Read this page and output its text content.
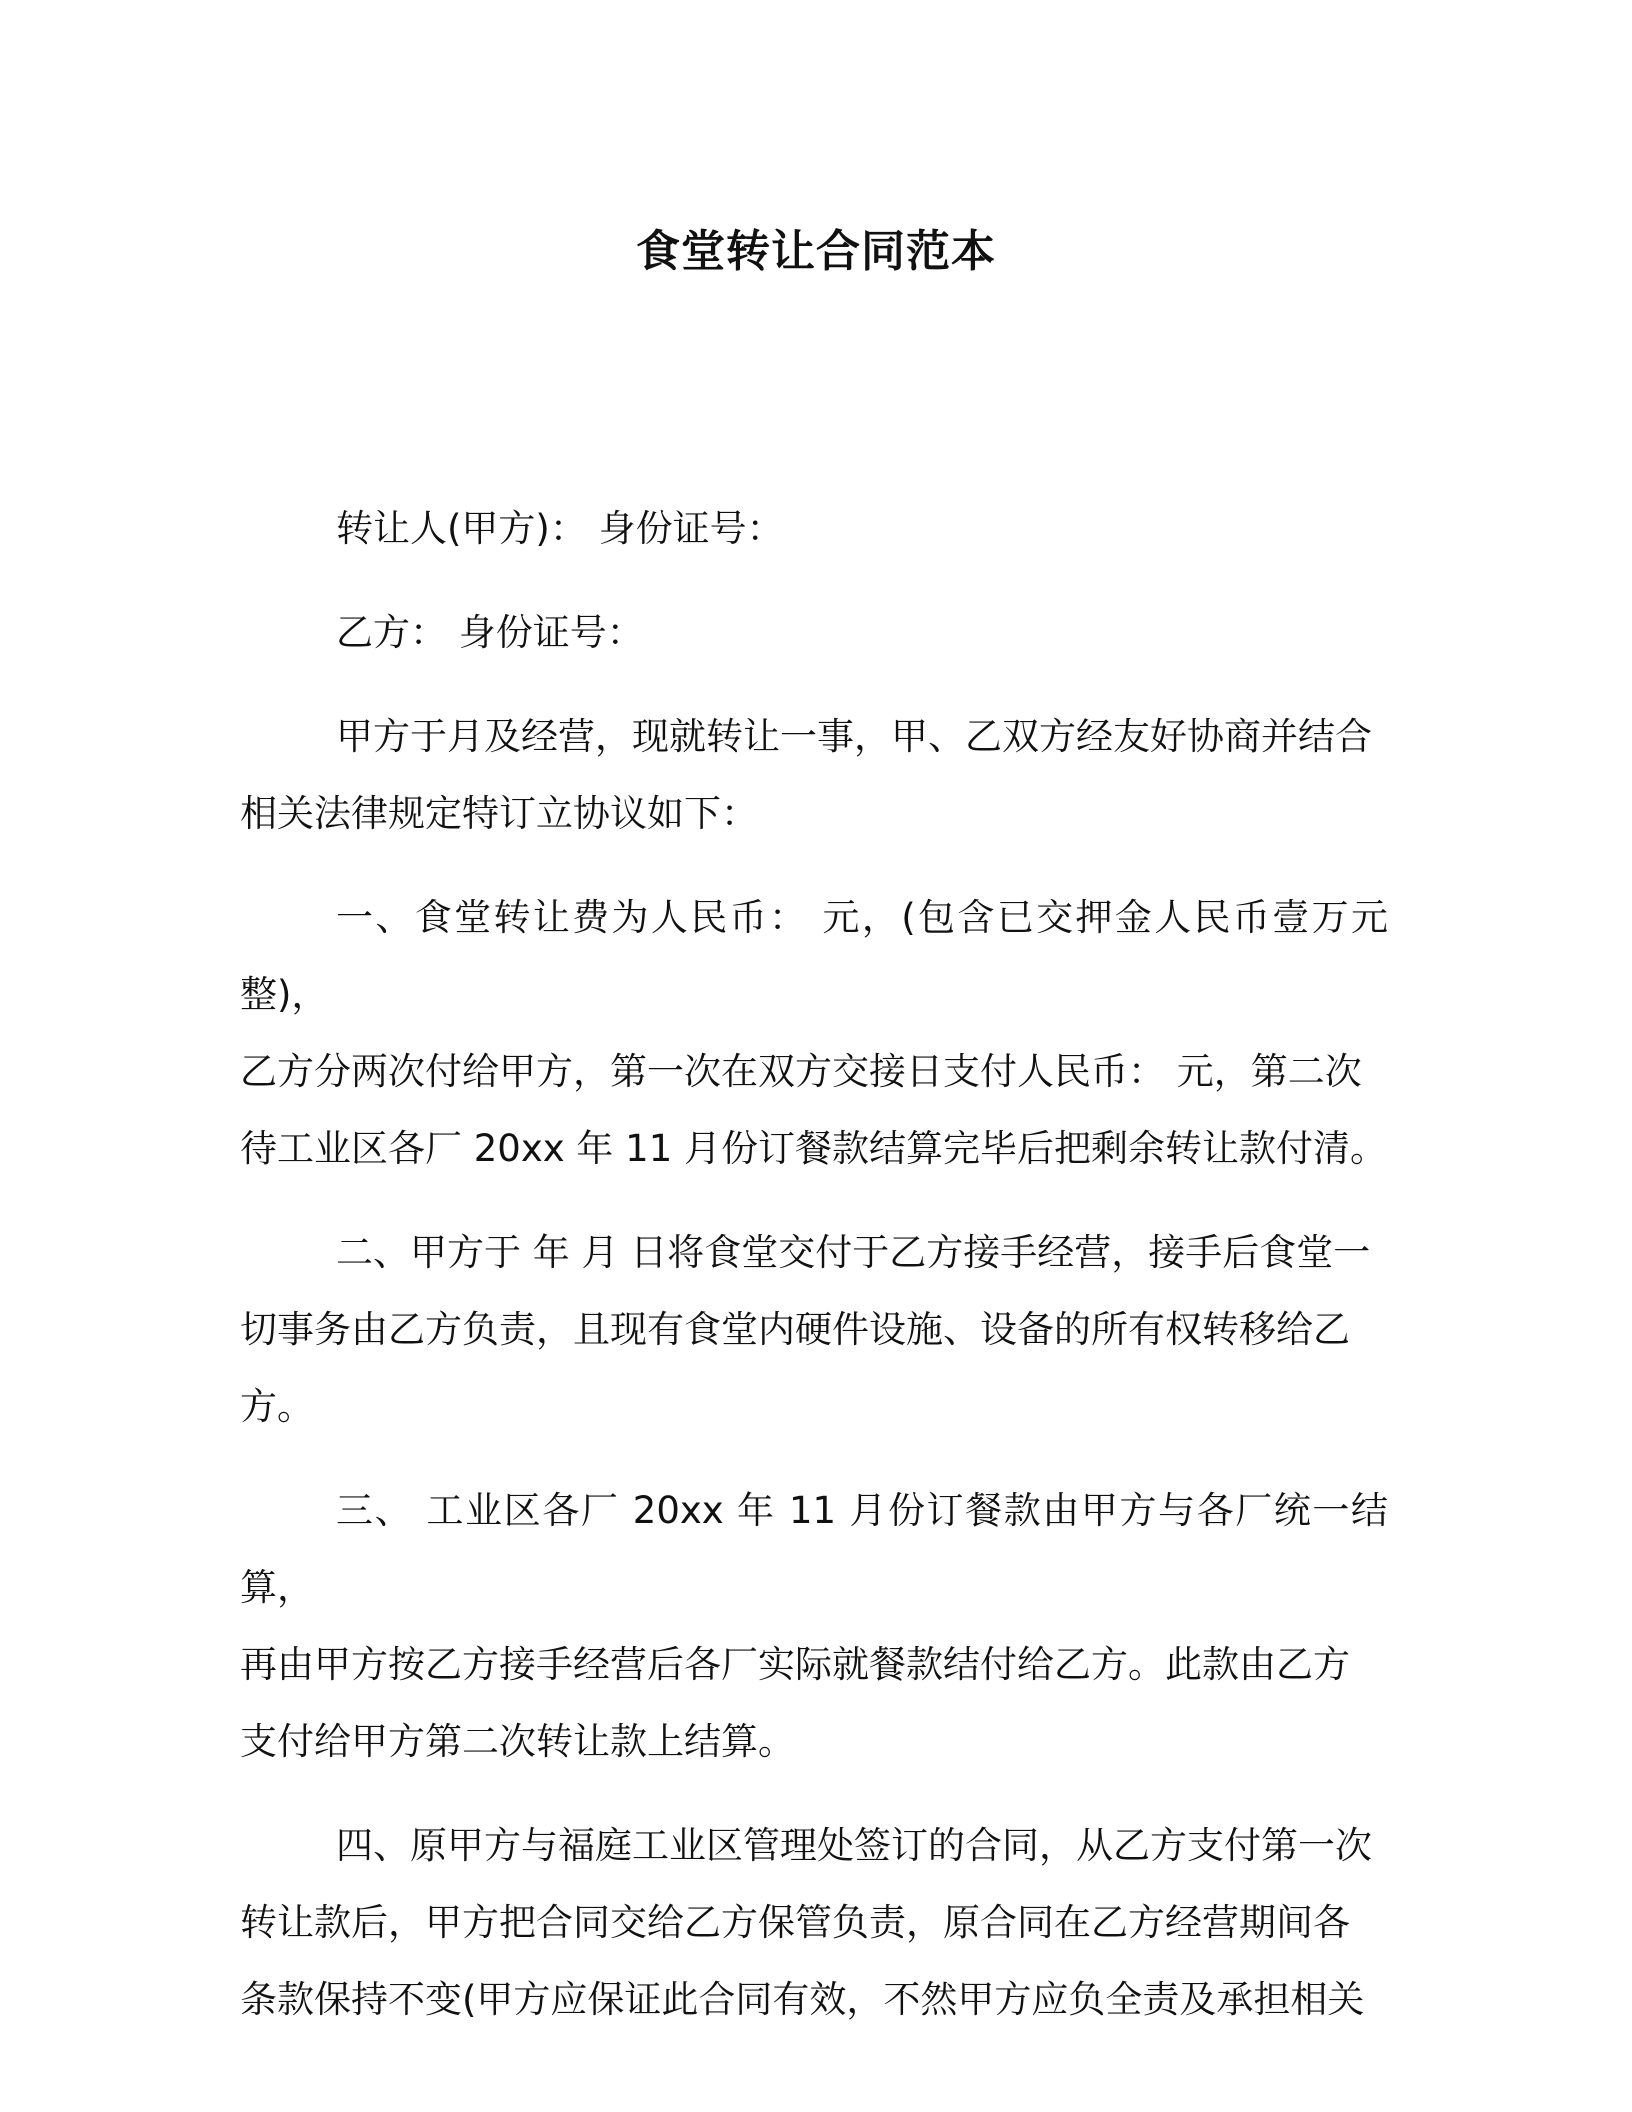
食堂转让合同范本

转让人(甲方)： 身份证号：

乙方： 身份证号：

甲方于月及经营，现就转让一事，甲、乙双方经友好协商并结合
相关法律规定特订立协议如下：

一、食堂转让费为人民币： 元，(包含已交押金人民币壹万元整)，
乙方分两次付给甲方，第一次在双方交接日支付人民币： 元，第二次
待工业区各厂 20xx 年 11 月份订餐款结算完毕后把剩余转让款付清。

二、甲方于 年 月 日将食堂交付于乙方接手经营，接手后食堂一
切事务由乙方负责，且现有食堂内硬件设施、设备的所有权转移给乙
方。

三、 工业区各厂 20xx 年 11 月份订餐款由甲方与各厂统一结算，
再由甲方按乙方接手经营后各厂实际就餐款结付给乙方。此款由乙方
支付给甲方第二次转让款上结算。

四、原甲方与福庭工业区管理处签订的合同，从乙方支付第一次
转让款后，甲方把合同交给乙方保管负责，原合同在乙方经营期间各
条款保持不变(甲方应保证此合同有效，不然甲方应负全责及承担相关
